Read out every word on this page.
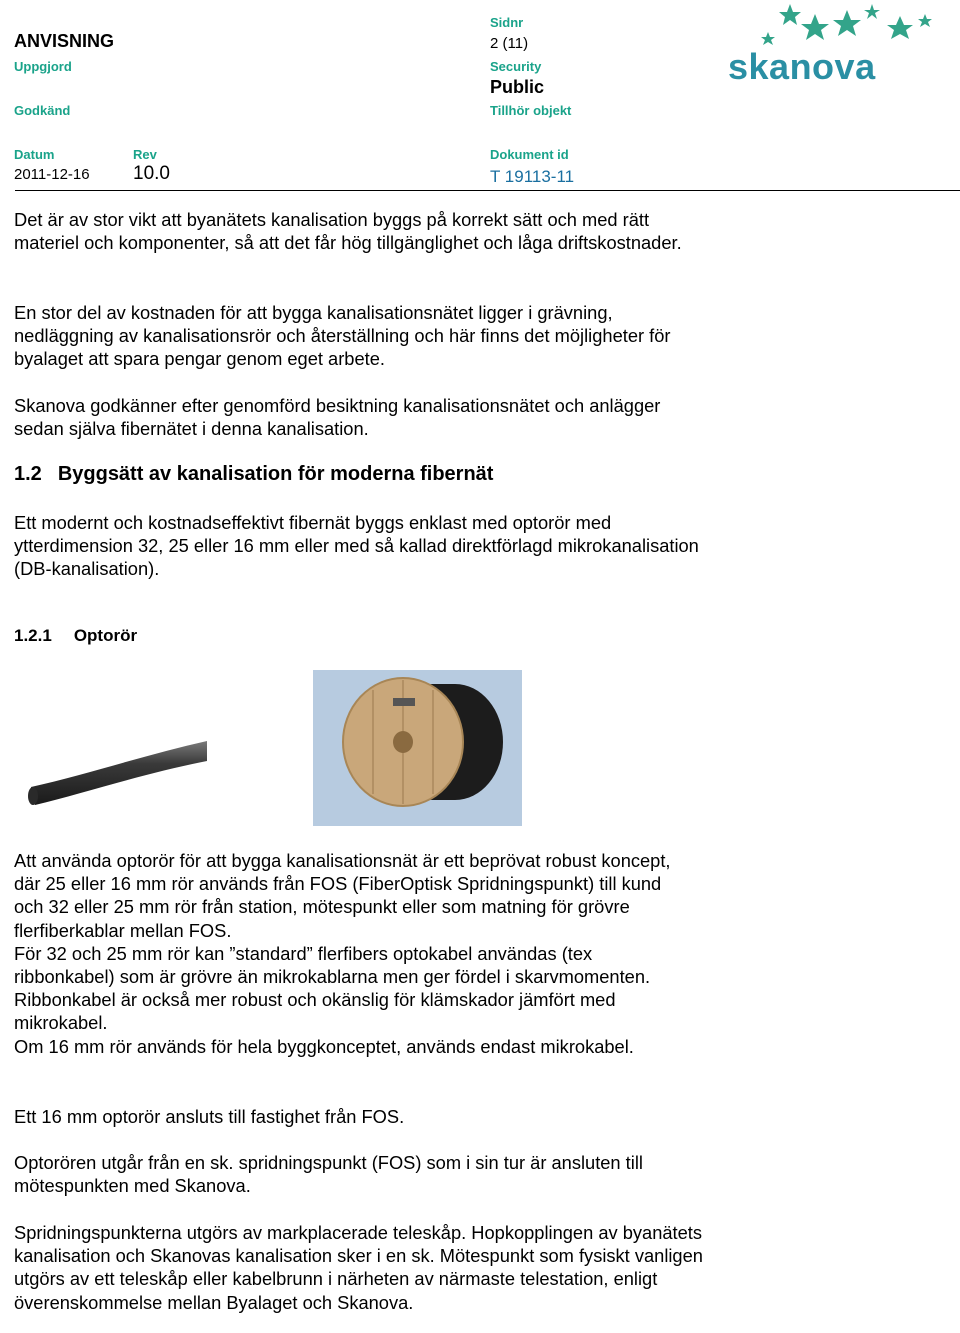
ANVISNING
Uppgjord
Godkänd
Datum
2011-12-16
Rev
10.0
Sidnr
2 (11)
Security
Public
Tillhör objekt
Dokument id
T 19113-11
skanova
Det är av stor vikt att byanätets kanalisation byggs på korrekt sätt och med rätt materiel och komponenter, så att det får hög tillgänglighet och låga driftskostnader.
En stor del av kostnaden för att bygga kanalisationsnätet ligger i grävning, nedläggning av kanalisationsrör och återställning och här finns det möjligheter för byalaget att spara pengar genom eget arbete.
Skanova godkänner efter genomförd besiktning kanalisationsnätet och anlägger sedan själva fibernätet i denna kanalisation.
1.2 Byggsätt av kanalisation för moderna fibernät
Ett modernt och kostnadseffektivt fibernät byggs enklast med optorör med ytterdimension 32, 25 eller 16 mm eller med så kallad direktförlagd mikrokanalisation (DB-kanalisation).
1.2.1 Optorör

Att använda optorör för att bygga kanalisationsnät är ett beprövat robust koncept, där 25 eller 16 mm rör används från FOS (FiberOptisk Spridningspunkt) till kund och 32 eller 25 mm rör från station, mötespunkt eller som matning för grövre flerfiberkablar mellan FOS.

För 32 och 25 mm rör kan ”standard” flerfibers optokabel användas (tex ribbonkabel) som är grövre än mikrokablarna men ger fördel i skarvmomenten. Ribbonkabel är också mer robust och okänslig för klämskador jämfört med mikrokabel.

Om 16 mm rör används för hela byggkonceptet, används endast mikrokabel.

Ett 16 mm optorör ansluts till fastighet från FOS.
Optorören utgår från en sk. spridningspunkt (FOS) som i sin tur är ansluten till mötespunkten med Skanova.
Spridningspunkterna utgörs av markplacerade teleskåp. Hopkopplingen av byanätets kanalisation och Skanovas kanalisation sker i en sk. Mötespunkt som fysiskt vanligen utgörs av ett teleskåp eller kabelbrunn i närheten av närmaste telestation, enligt överenskommelse mellan Byalaget och Skanova.
